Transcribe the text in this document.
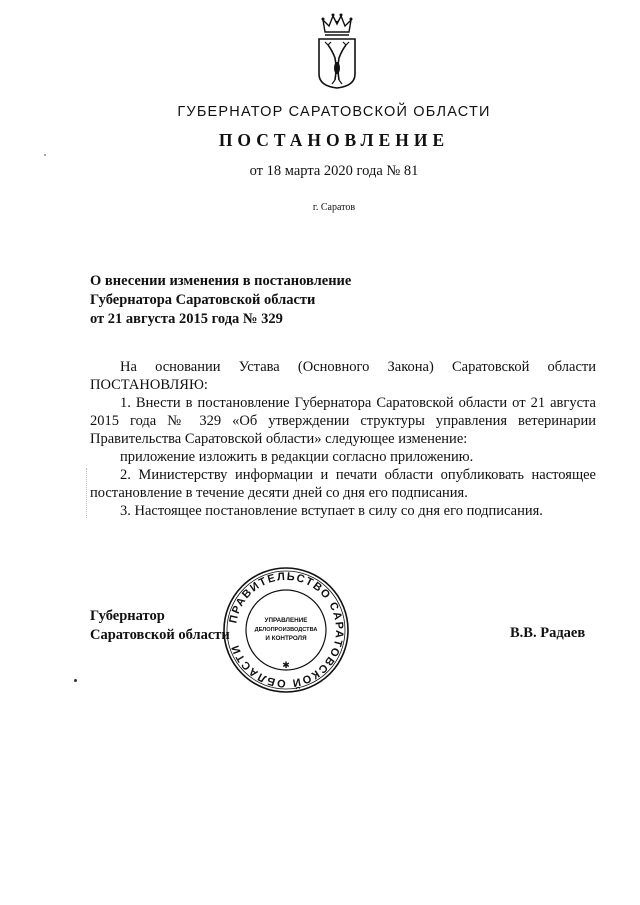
ГУБЕРНАТОР САРАТОВСКОЙ ОБЛАСТИ
ПОСТАНОВЛЕНИЕ
от 18 марта 2020 года № 81
г. Саратов
О внесении изменения в постановление
Губернатора Саратовской области
от 21 августа 2015 года № 329

На основании Устава (Основного Закона) Саратовской области ПОСТАНОВЛЯЮ:

1. Внести в постановление Губернатора Саратовской области от 21 августа 2015 года № 329 «Об утверждении структуры управления ветеринарии Правительства Саратовской области» следующее изменение:

приложение изложить в редакции согласно приложению.

2. Министерству информации и печати области опубликовать настоящее постановление в течение десяти дней со дня его подписания.

3. Настоящее постановление вступает в силу со дня его подписания.

Губернатор
Саратовской области
ПРАВИТЕЛЬСТВО САРАТОВСКОЙ ОБЛАСТИ
УПРАВЛЕНИЕ
ДЕЛОПРОИЗВОДСТВА
И КОНТРОЛЯ
✱
В.В. Радаев
